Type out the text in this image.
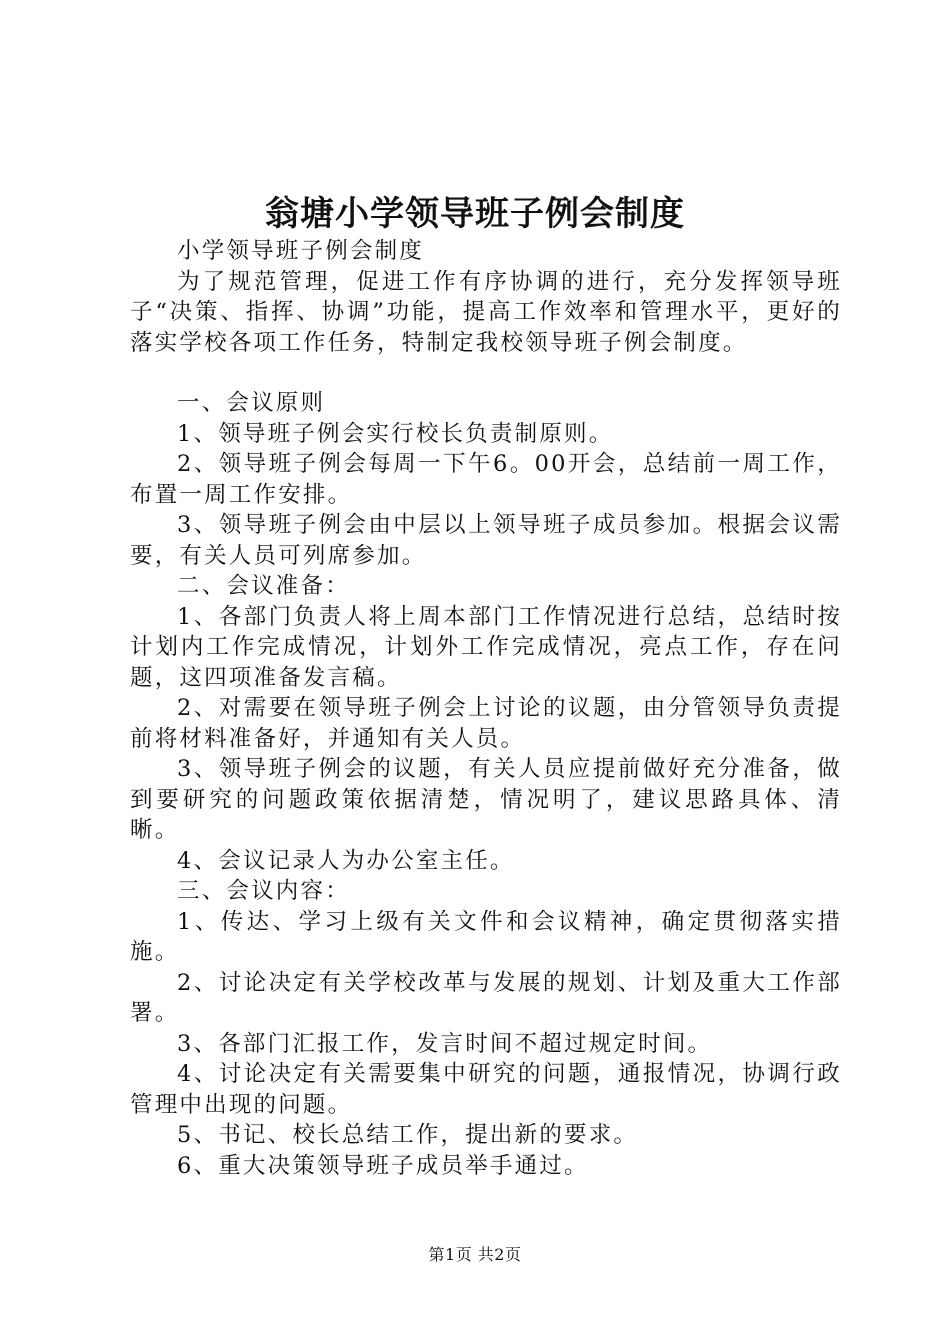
翁塘小学领导班子例会制度

小学领导班子例会制度

为了规范管理，促进工作有序协调的进行，充分发挥领导班子“决策、指挥、协调”功能，提高工作效率和管理水平，更好的落实学校各项工作任务，特制定我校领导班子例会制度。

一、会议原则

1、领导班子例会实行校长负责制原则。

2、领导班子例会每周一下午6。00开会，总结前一周工作，布置一周工作安排。

3、领导班子例会由中层以上领导班子成员参加。根据会议需要，有关人员可列席参加。

二、会议准备：

1、各部门负责人将上周本部门工作情况进行总结，总结时按计划内工作完成情况，计划外工作完成情况，亮点工作，存在问题，这四项准备发言稿。

2、对需要在领导班子例会上讨论的议题，由分管领导负责提前将材料准备好，并通知有关人员。

3、领导班子例会的议题，有关人员应提前做好充分准备，做到要研究的问题政策依据清楚，情况明了，建议思路具体、清晰。

4、会议记录人为办公室主任。

三、会议内容：

1、传达、学习上级有关文件和会议精神，确定贯彻落实措施。

2、讨论决定有关学校改革与发展的规划、计划及重大工作部署。

3、各部门汇报工作，发言时间不超过规定时间。

4、讨论决定有关需要集中研究的问题，通报情况，协调行政管理中出现的问题。

5、书记、校长总结工作，提出新的要求。

6、重大决策领导班子成员举手通过。

第1页 共2页
